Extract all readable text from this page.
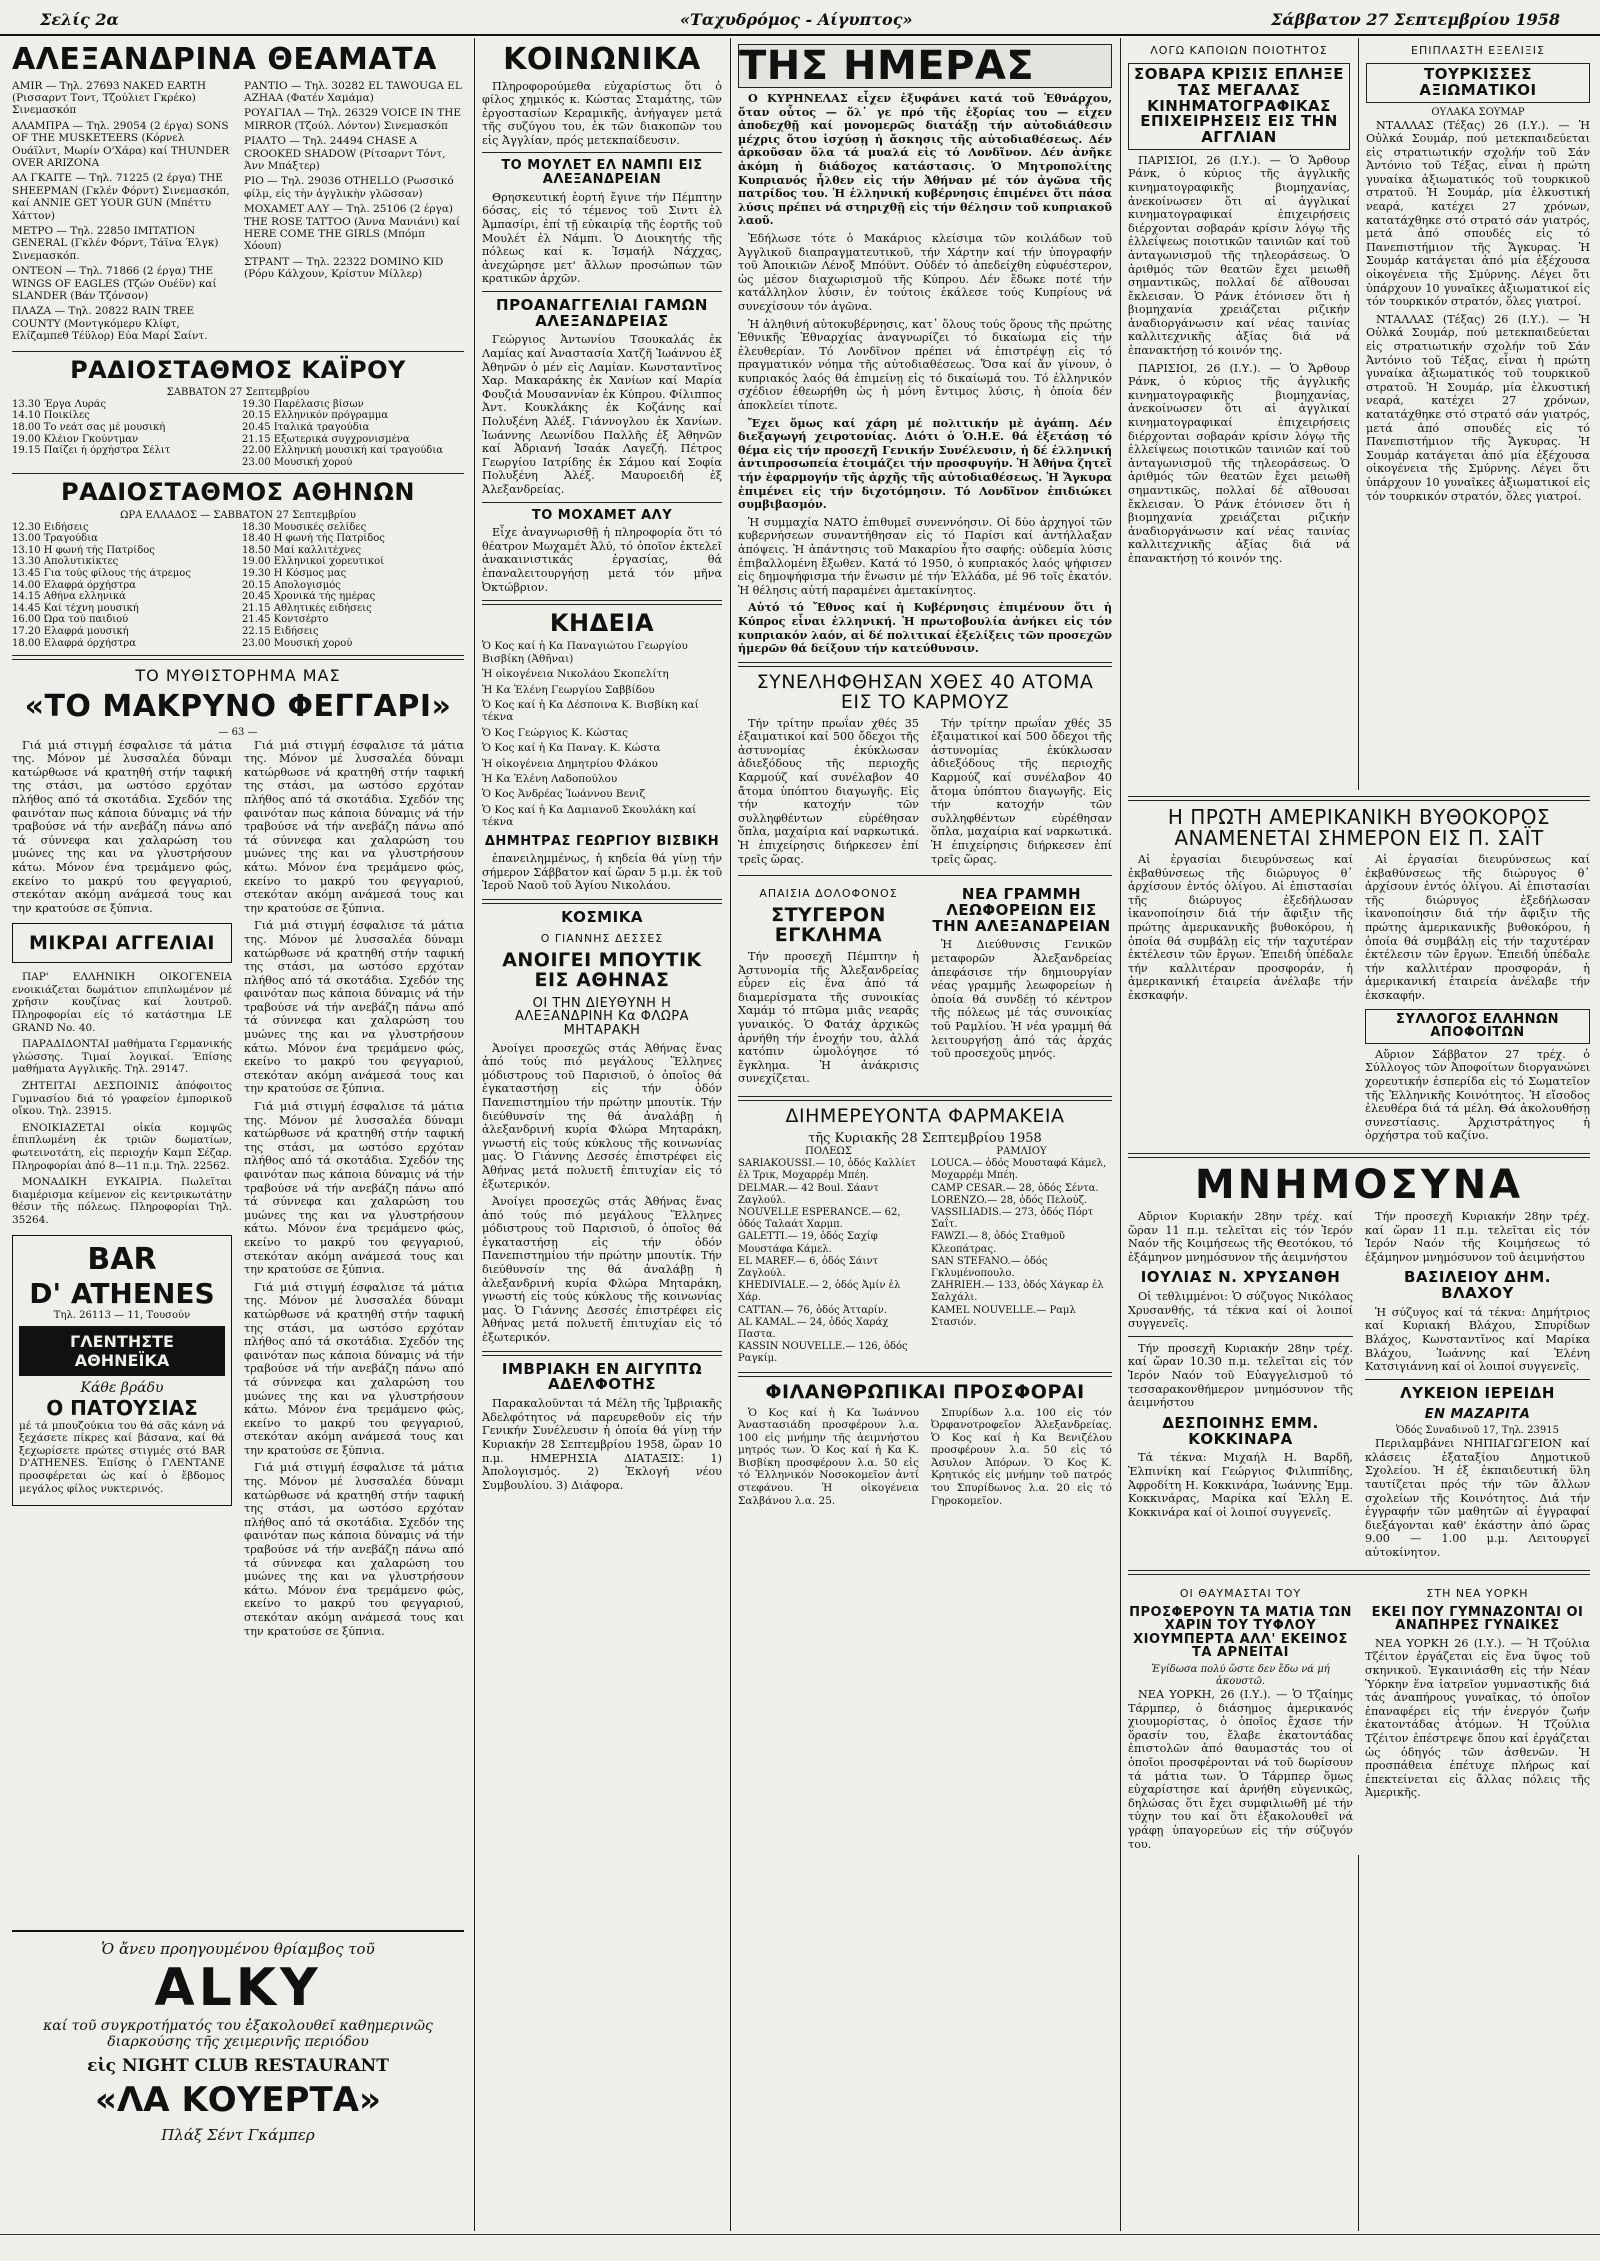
Σελίς 2α	«Ταχυδρόμος - Αίγυπτος»	Σάββατον 27 Σεπτεμβρίου 1958
ΑΛΕΞΑΝΔΡΙΝΑ ΘΕΑΜΑΤΑ
AMIR — Τηλ. 27693 NAKED EARTH (Ρισσαρντ Τοντ, Τζούλιετ Γκρέκο) Σινεμασκόπ
ΑΛΑΜΠΡΑ — Τηλ. 29054 (2 έργα) SONS OF THE MUSKETEERS (Κόρνελ Ουάϊλντ, Μωρίν Ο'Χάρα) καί THUNDER OVER ARIZONA
ΑΛ ΓΚΑΙΤΕ — Τηλ. 71225 (2 έργα) THE SHEEPMAN (Γκλέν Φόρντ) Σινεμασκόπ, καί ANNIE GET YOUR GUN (Μπέττυ Χάττον)
ΜΕΤΡΟ — Τηλ. 22850 IMITATION GENERAL (Γκλέν Φόρντ, Τάϊνα Έλγκ) Σινεμασκόπ.
ΟΝΤΕΟΝ — Τηλ. 71866 (2 έργα) THE WINGS OF EAGLES (Τζών Ουέϋν) καί SLANDER (Βάν Τζόνσον)
ΠΛΑΖΑ — Τηλ. 20822 RAIN TREE COUNTY (Μοντγκόμερυ Κλίφτ, Ελίζαμπεθ Τέϋλορ) Εύα Μαρί Σαίντ.
ΡΑΝΤΙΟ — Τηλ. 30282 EL TAWOUGA EL AZHAA (Φατέν Χαμάμα)
ΡΟΥΑΓΙΑΛ — Τηλ. 26329 VOICE IN THE MIRROR (Τζούλ. Λόντον) Σινεμασκόπ
ΡΙΑΛΤΟ — Τηλ. 24494 CHASE A CROOKED SHADOW (Ρίτσαρντ Τόντ, Άνν Μπάξτερ)
ΡΙΟ — Τηλ. 29036 OTHELLO (Ρωσσικό φίλμ, εἰς τὴν ἀγγλικὴν γλῶσσαν)
ΜΟΧΑΜΕΤ ΑΛΥ — Τηλ. 25106 (2 έργα) THE ROSE TATTOO (Άννα Μανιάνι) καί HERE COME THE GIRLS (Μπόμπ Χόουπ)
ΣΤΡΑΝΤ — Τηλ. 22322 DOMINO KID (Ρόρυ Κάλχουν, Κρίστυν Μίλλερ)
ΡΑΔΙΟΣΤΑΘΜΟΣ ΚΑΪΡΟΥ
ΣΑΒΒΑΤΟΝ 27 Σεπτεμβρίου
13.30 Έργα Λυράς	19.30 Παρέλασις βίσων
14.10 Ποικίλες	20.15 Ελληνικόν πρόγραμμα
18.00 Το νεάτ σας μέ μουσική	20.45 Ιταλικά τραγούδια
19.00 Κλέιον Γκούντμαν	21.15 Εξωτερικά συγχρονισμένα
19.15 Παίζει ή όρχήστρα Σέλιτ	22.00 Ελληνική μουσική καί τραγούδια
23.00 Μουσική χορού
ΡΑΔΙΟΣΤΑΘΜΟΣ ΑΘΗΝΩΝ
ΩΡΑ ΕΛΛΑΔΟΣ — ΣΑΒΒΑΤΟΝ 27 Σεπτεμβρίου
12.30 Ειδήσεις	18.30 Μουσικές σελίδες
13.00 Τραγούδια	18.40 Η φωνή τής Πατρίδος
13.10 Η φωνή τής Πατρίδος	18.50 Μαί καλλιτέχνες
13.30 Απολυτικίκτες	19.00 Ελληνικοί χορευτικοί
13.45 Για τούς φίλους τής άτρεμος	19.30 Η Κόσμος μας
14.00 Ελαφρά όρχήστρα	20.15 Απολογισμός
14.15 Αθήνα ελληνικά	20.45 Χρονικά τής ημέρας
14.45 Καί τέχνη μουσική	21.15 Αθλητικές ειδήσεις
16.00 Ώρα τού παιδιού	21.45 Κοντσέρτο
17.20 Ελαφρά μουσική	22.15 Ειδήσεις
18.00 Ελαφρά όρχήστρα	23.00 Μουσική χορού
ΤΟ ΜΥΘΙΣΤΟΡΗΜΑ ΜΑΣ
«ΤΟ ΜΑΚΡΥΝΟ ΦΕΓΓΑΡΙ»
— 63 —
Γιά μιά στιγμή έσφαλισε τά μάτια της. Μόνον μέ λυσσαλέα δύναμι κατώρθωσε νά κρατηθή στήν ταφική της στάσι, μα ωστόσο ερχόταν πλήθος από τά σκοτάδια. Σχεδόν της φαινόταν πως κάποια δύναμις νά τήν τραβούσε νά τήν ανεβάζη πάνω από τά σύννεφα και χαλαρώση του μυώνες της και να γλυστρήσουν κάτω. Μόνον ένα τρεμάμενο φώς, εκείνο το μακρύ του φεγγαριού, στεκόταν ακόμη ανάμεσά τους και την κρατούσε σε ξύπνια.
ΜΙΚΡΑΙ ΑΓΓΕΛΙΑΙ
ΠΑΡ' ΕΛΛΗΝΙΚΗ ΟΙΚΟΓΕΝΕΙΑ ενοικιάζεται δωμάτιον επιπλωμένον μέ χρῆσιν κουζίνας καί λουτροῦ. Πληροφορίαι είς τό κατάστημα LE GRAND No. 40.
ΠΑΡΑΔΙΔΟΝΤΑΙ μαθήματα Γερμανικής γλώσσης. Τιμαί λογικαί. Έπίσης μαθήματα Αγγλικῆς. Τηλ. 29147.
ΖΗΤΕΙΤΑΙ ΔΕΣΠΟΙΝΙΣ ἀπόφοιτος Γυμνασίου διά τό γραφείον ἐμπορικοῦ οἴκου. Τηλ. 23915.
ΕΝΟΙΚΙΑΖΕΤΑΙ οἰκία κομψῶς ἐπιπλωμένη ἐκ τριῶν δωματίων, φωτεινοτάτη, εἰς περιοχήν Καμπ Σέζαρ. Πληροφορίαι ἀπό 8—11 π.μ. Τηλ. 22562.
ΜΟΝΑΔΙΚΗ ΕΥΚΑΙΡΙΑ. Πωλεῖται διαμέρισμα κείμενον εἰς κεντρικωτάτην θέσιν τῆς πόλεως. Πληροφορίαι Τηλ. 35264.
BAR
D' ATHENES
Τηλ. 26113 — 11, Τουσούν
ΓΛΕΝΤΗΣΤΕ ΑΘΗΝΕΪΚΑ
Κάθε βράδυ
Ο ΠΑΤΟΥΣΙΑΣ
μέ τά μπουζούκια του θά σᾶς κάνη νά ξεχάσετε πίκρες καί βάσανα, καί θά ξεχωρίσετε πρώτες στιγμές στό BAR D'ATHENES. Ἐπίσης ὁ ΓΛΕΝΤΑΝΕ προσφέρεται ὡς καί ὁ ἔβδομος μεγάλος φίλος νυκτερινός.
Γιά μιά στιγμή έσφαλισε τά μάτια της. Μόνον μέ λυσσαλέα δύναμι κατώρθωσε νά κρατηθή στήν ταφική της στάσι, μα ωστόσο ερχόταν πλήθος από τά σκοτάδια. Σχεδόν της φαινόταν πως κάποια δύναμις νά τήν τραβούσε νά τήν ανεβάζη πάνω από τά σύννεφα και χαλαρώση του μυώνες της και να γλυστρήσουν κάτω. Μόνον ένα τρεμάμενο φώς, εκείνο το μακρύ του φεγγαριού, στεκόταν ακόμη ανάμεσά τους και την κρατούσε σε ξύπνια.
Γιά μιά στιγμή έσφαλισε τά μάτια της. Μόνον μέ λυσσαλέα δύναμι κατώρθωσε νά κρατηθή στήν ταφική της στάσι, μα ωστόσο ερχόταν πλήθος από τά σκοτάδια. Σχεδόν της φαινόταν πως κάποια δύναμις νά τήν τραβούσε νά τήν ανεβάζη πάνω από τά σύννεφα και χαλαρώση του μυώνες της και να γλυστρήσουν κάτω. Μόνον ένα τρεμάμενο φώς, εκείνο το μακρύ του φεγγαριού, στεκόταν ακόμη ανάμεσά τους και την κρατούσε σε ξύπνια.
Γιά μιά στιγμή έσφαλισε τά μάτια της. Μόνον μέ λυσσαλέα δύναμι κατώρθωσε νά κρατηθή στήν ταφική της στάσι, μα ωστόσο ερχόταν πλήθος από τά σκοτάδια. Σχεδόν της φαινόταν πως κάποια δύναμις νά τήν τραβούσε νά τήν ανεβάζη πάνω από τά σύννεφα και χαλαρώση του μυώνες της και να γλυστρήσουν κάτω. Μόνον ένα τρεμάμενο φώς, εκείνο το μακρύ του φεγγαριού, στεκόταν ακόμη ανάμεσά τους και την κρατούσε σε ξύπνια.
Γιά μιά στιγμή έσφαλισε τά μάτια της. Μόνον μέ λυσσαλέα δύναμι κατώρθωσε νά κρατηθή στήν ταφική της στάσι, μα ωστόσο ερχόταν πλήθος από τά σκοτάδια. Σχεδόν της φαινόταν πως κάποια δύναμις νά τήν τραβούσε νά τήν ανεβάζη πάνω από τά σύννεφα και χαλαρώση του μυώνες της και να γλυστρήσουν κάτω. Μόνον ένα τρεμάμενο φώς, εκείνο το μακρύ του φεγγαριού, στεκόταν ακόμη ανάμεσά τους και την κρατούσε σε ξύπνια.
Γιά μιά στιγμή έσφαλισε τά μάτια της. Μόνον μέ λυσσαλέα δύναμι κατώρθωσε νά κρατηθή στήν ταφική της στάσι, μα ωστόσο ερχόταν πλήθος από τά σκοτάδια. Σχεδόν της φαινόταν πως κάποια δύναμις νά τήν τραβούσε νά τήν ανεβάζη πάνω από τά σύννεφα και χαλαρώση του μυώνες της και να γλυστρήσουν κάτω. Μόνον ένα τρεμάμενο φώς, εκείνο το μακρύ του φεγγαριού, στεκόταν ακόμη ανάμεσά τους και την κρατούσε σε ξύπνια.
Ὁ ἄνευ προηγουμένου θρίαμβος τοῦ
ALKY
καί τοῦ συγκροτήματός του ἐξακολουθεῖ καθημερινῶς διαρκούσης τῆς χειμερινῆς περιόδου
εἰς NIGHT CLUB RESTAURANT
«ΛΑ ΚΟΥΕΡΤΑ»
Πλάξ Σέντ Γκάμπερ
ΚΟΙΝΩΝΙΚΑ
Πληροφορούμεθα εὐχαρίστως ὅτι ὁ φίλος χημικός κ. Κώστας Σταμάτης, τῶν ἐργοστασίων Κεραμικῆς, ἀνήγαγεν μετά τῆς συζύγου του, ἐκ τῶν διακοπῶν του εἰς Ἀγγλίαν, πρός μετεκπαίδευσιν.
ΤΟ ΜΟΥΛΕΤ ΕΛ ΝΑΜΠΙ ΕΙΣ ΑΛΕΞΑΝΔΡΕΙΑΝ
Θρησκευτική ἑορτή ἔγινε τήν Πέμπτην 6όσας, εἰς τό τέμενος τοῦ Σιντι ἐλ Ἀμπασίρι, ἐπί τῇ εὐκαιρίᾳ τῆς ἑορτῆς τοῦ Μουλέτ ἐλ Νάμπι. Ὁ Διοικητής τῆς πόλεως καί κ. Ἰσμαήλ Νάχχας, ἀνεχώρησε μετ' ἄλλων προσώπων τῶν κρατικῶν ἀρχῶν.
ΠΡΟΑΝΑΓΓΕΛΙΑΙ ΓΑΜΩΝ ΑΛΕΞΑΝΔΡΕΙΑΣ
Γεώργιος Ἀντωνίου Τσουκαλάς ἐκ Λαμίας καί Ἀναστασία Χατζῆ Ἰωάννου ἐξ Ἀθηνῶν ὁ μέν εἰς Λαμίαν. Κωνσταντῖνος Χαρ. Μακαράκης ἐκ Χανίων καί Μαρία Φουζιά Μουσαννίαν ἐκ Κύπρου. Φίλιππος Ἀντ. Κουκλάκης ἐκ Κοζάνης καί Πολυξένη Ἀλέξ. Γιάννογλου ἐκ Χανίων. Ἰωάννης Λεωνίδου Παλλῆς ἐξ Ἀθηνῶν καί Ἀδριανή Ἰσαάκ Λαγεζή. Πέτρος Γεωργίου Ιατρίδης ἐκ Σάμου καί Σοφία Πολυξένη Ἀλέξ. Μαυροειδή ἐξ Ἀλεξανδρείας.
ΤΟ ΜΟΧΑΜΕΤ ΑΛΥ
Εἶχε ἀναγνωρισθῇ ἡ πληροφορία ὅτι τό θέατρον Μωχαμέτ Ἀλύ, τό ὁποῖον ἐκτελεῖ ἀνακαινιστικάς ἐργασίας, θά ἐπαναλειτουργήσῃ μετά τόν μῆνα Ὀκτώβριον.
ΚΗΔΕΙΑ
Ὁ Κος καί ἡ Κα Παναγιώτου Γεωργίου Βισβίκη (Ἀθῆναι)
Ἡ οἰκογένεια Νικολάου Σκοπελίτη
Ἡ Κα Ἑλένη Γεωργίου Σαββίδου
Ὁ Κος καί ἡ Κα Δέσποινα Κ. Βισβίκη καί τέκνα
Ὁ Κος Γεώργιος Κ. Κώστας
Ὁ Κος καί ἡ Κα Παναγ. Κ. Κώστα
Ἡ οἰκογένεια Δημητρίου Φλάκου
Ἡ Κα Ἑλένη Λαδοπούλου
Ὁ Κος Ἀνδρέας Ἰωάννου Βενιζ
Ὁ Κος καί ἡ Κα Δαμιανοῦ Σκουλάκη καί τέκνα
ΔΗΜΗΤΡΑΣ ΓΕΩΡΓΙΟΥ ΒΙΣΒΙΚΗ
ἐπανειλημμένως, ἡ κηδεία θά γίνῃ τήν σήμερον Σάββατον καί ὥραν 5 μ.μ. ἐκ τοῦ Ἱεροῦ Ναοῦ τοῦ Ἁγίου Νικολάου.
ΚΟΣΜΙΚΑ
Ο ΓΙΑΝΝΗΣ ΔΕΣΣΕΣ
ΑΝΟΙΓΕΙ ΜΠΟΥΤΙΚ ΕΙΣ ΑΘΗΝΑΣ
ΟΙ ΤΗΝ ΔΙΕΥΘΥΝΗ Η ΑΛΕΞΑΝΔΡΙΝΗ Κα ΦΛΩΡΑ ΜΗΤΑΡΑΚΗ
Ἀνοίγει προσεχῶς στάς Ἀθήνας ἕνας ἀπό τούς πιό μεγάλους Ἕλληνες μόδιστρους τοῦ Παρισιοῦ, ὁ ὁποῖος θά ἐγκαταστήσῃ εἰς τήν ὁδόν Πανεπιστημίου τήν πρώτην μπουτίκ. Τήν διεύθυνσίν της θά ἀναλάβῃ ἡ ἀλεξανδρινή κυρία Φλώρα Μηταράκη, γνωστή εἰς τούς κύκλους τῆς κοινωνίας μας. Ὁ Γιάννης Δεσσές ἐπιστρέφει εἰς Ἀθήνας μετά πολυετῆ ἐπιτυχίαν εἰς τό ἐξωτερικόν.
Ἀνοίγει προσεχῶς στάς Ἀθήνας ἕνας ἀπό τούς πιό μεγάλους Ἕλληνες μόδιστρους τοῦ Παρισιοῦ, ὁ ὁποῖος θά ἐγκαταστήσῃ εἰς τήν ὁδόν Πανεπιστημίου τήν πρώτην μπουτίκ. Τήν διεύθυνσίν της θά ἀναλάβῃ ἡ ἀλεξανδρινή κυρία Φλώρα Μηταράκη, γνωστή εἰς τούς κύκλους τῆς κοινωνίας μας. Ὁ Γιάννης Δεσσές ἐπιστρέφει εἰς Ἀθήνας μετά πολυετῆ ἐπιτυχίαν εἰς τό ἐξωτερικόν.
ΙΜΒΡΙΑΚΗ ΕΝ ΑΙΓΥΠΤΩ ΑΔΕΛΦΟΤΗΣ
Παρακαλοῦνται τά Μέλη τῆς Ἰμβριακῆς Ἀδελφότητος νά παρευρεθοῦν εἰς τήν Γενικήν Συνέλευσιν ἡ ὁποία θά γίνῃ τήν Κυριακήν 28 Σεπτεμβρίου 1958, ὥραν 10 π.μ. ΗΜΕΡΗΣΙΑ ΔΙΑΤΑΞΙΣ: 1) Ἀπολογισμός. 2) Ἐκλογή νέου Συμβουλίου. 3) Διάφορα.
ΤΗΣ ΗΜΕΡΑΣ
Ο ΚΥΡΗΝΕΛΑΣ εἶχεν ἐξυφάνει κατά τοῦ Ἐθνάρχου, ὅταν οὗτος — ὅλ᾿ γε πρό τῆς ἐξορίας του — εἶχεν ἀποδεχθῇ καί μονομερῶς διατάξῃ τήν αὐτοδιάθεσιν μέχρις ὅτου ἰσχύσῃ ἡ ἄσκησις τῆς αὐτοδιαθέσεως. Δέν ἀρκοῦσαν ὅλα τά μυαλά εἰς τό Λονδῖνον. Δέν ἀνῆκε ἀκόμη ἡ διάδοχος κατάστασις. Ὁ Μητροπολίτης Κυπριανός ἦλθεν εἰς τήν Ἀθήναν μέ τόν ἀγῶνα τῆς πατρίδος του. Ἡ ἑλληνική κυβέρνησις ἐπιμένει ὅτι πάσα λύσις πρέπει νά στηριχθῇ εἰς τήν θέλησιν τοῦ κυπριακοῦ λαοῦ.
Ἐδήλωσε τότε ὁ Μακάριος κλείσιμα τῶν κοιλάδων τοῦ Ἀγγλικοῦ διαπραγματευτικοῦ, τήν Χάρτην καί τήν ὑπογραφήν τοῦ Ἀποικιῶν Λένοξ Μπόϋντ. Οὐδέν τό ἀπεδείχθη εὐφυέστερον, ὡς μέσον διαχωρισμοῦ τῆς Κύπρου. Δέν ἔδωκε ποτέ τήν κατάλληλον λύσιν, ἐν τούτοις ἐκάλεσε τούς Κυπρίους νά συνεχίσουν τόν ἀγῶνα.
Ἡ ἀληθινή αὐτοκυβέρνησις, κατ᾿ ὅλους τούς ὅρους τῆς πρώτης Ἐθνικῆς Ἐθναρχίας ἀναγνωρίζει τό δικαίωμα εἰς τήν ἐλευθερίαν. Τό Λονδῖνον πρέπει νά ἐπιστρέψῃ εἰς τό πραγματικόν νόημα τῆς αὐτοδιαθέσεως. Ὅσα καί ἄν γίνουν, ὁ κυπριακός λαός θά ἐπιμείνῃ εἰς τό δικαίωμά του. Τό ἑλληνικόν σχέδιον ἐθεωρήθη ὡς ἡ μόνη ἔντιμος λύσις, ἡ ὁποία δέν ἀποκλείει τίποτε.
Ἔχει ὅμως καί χάρη μέ πολιτικήν μὲ ἀγάπη. Δέν διεξαγωγή χειροτονίας. Διότι ὁ Ὁ.Η.Ε. θά ἐξετάσῃ τό θέμα εἰς τήν προσεχῆ Γενικήν Συνέλευσιν, ἡ δέ ἑλληνική ἀντιπροσωπεία ἐτοιμάζει τήν προσφυγήν. Ἡ Ἀθήνα ζητεῖ τήν ἐφαρμογήν τῆς ἀρχῆς τῆς αὐτοδιαθέσεως. Ἡ Ἄγκυρα ἐπιμένει εἰς τήν διχοτόμησιν. Τό Λονδῖνον ἐπιδιώκει συμβιβασμόν.
Ἡ συμμαχία ΝΑΤΟ ἐπιθυμεῖ συνεννόησιν. Οἱ δύο ἀρχηγοί τῶν κυβερνήσεων συναντήθησαν εἰς τό Παρίσι καί ἀντήλλαξαν ἀπόψεις. Ἡ ἀπάντησις τοῦ Μακαρίου ἦτο σαφής: οὐδεμία λύσις ἐπιβαλλομένη ἔξωθεν. Κατά τό 1950, ὁ κυπριακός λαός ψήφισεν εἰς δημοψήφισμα τήν ἕνωσιν μέ τήν Ἑλλάδα, μέ 96 τοῖς ἑκατόν. Ἡ θέλησις αὐτή παραμένει ἀμετακίνητος.
Αὐτό τό Ἔθνος καί ἡ Κυβέρνησις ἐπιμένουν ὅτι ἡ Κύπρος εἶναι ἑλληνική. Ἡ πρωτοβουλία ἀνήκει εἰς τόν κυπριακόν λαόν, αἱ δέ πολιτικαί ἐξελίξεις τῶν προσεχῶν ἡμερῶν θά δείξουν τήν κατεύθυνσιν.
ΣΥΝΕΛΗΦΘΗΣΑΝ ΧΘΕΣ 40 ΑΤΟΜΑ ΕΙΣ ΤΟ ΚΑΡΜΟΥΖ
Τήν τρίτην πρωΐαν χθές 35 ἐξαιματικοί καί 500 ὄδεχοι τῆς ἀστυνομίας ἐκύκλωσαν ἀδιεξόδους τῆς περιοχῆς Καρμούζ καί συνέλαβον 40 ἄτομα ὑπόπτου διαγωγῆς. Εἰς τήν κατοχήν τῶν συλληφθέντων εὑρέθησαν ὅπλα, μαχαίρια καί ναρκωτικά. Ἡ ἐπιχείρησις διήρκεσεν ἐπί τρεῖς ὥρας.
Τήν τρίτην πρωΐαν χθές 35 ἐξαιματικοί καί 500 ὄδεχοι τῆς ἀστυνομίας ἐκύκλωσαν ἀδιεξόδους τῆς περιοχῆς Καρμούζ καί συνέλαβον 40 ἄτομα ὑπόπτου διαγωγῆς. Εἰς τήν κατοχήν τῶν συλληφθέντων εὑρέθησαν ὅπλα, μαχαίρια καί ναρκωτικά. Ἡ ἐπιχείρησις διήρκεσεν ἐπί τρεῖς ὥρας.
ΑΠΑΙΣΙΑ ΔΟΛΟΦΟΝΟΣ
ΣΤΥΓΕΡΟΝ ΕΓΚΛΗΜΑ
Τήν προσεχῆ Πέμπτην ἡ Ἀστυνομία τῆς Ἀλεξανδρείας εὗρεν εἰς ἕνα ἀπό τά διαμερίσματα τῆς συνοικίας Χαμάμ τό πτῶμα μιᾶς νεαρᾶς γυναικός. Ὁ Φατάχ ἀρχικῶς ἀρνήθη τήν ἐνοχήν του, ἀλλά κατόπιν ὡμολόγησε τό ἔγκλημα. Ἡ ἀνάκρισις συνεχίζεται.
ΝΕΑ ΓΡΑΜΜΗ ΛΕΩΦΟΡΕΙΩΝ ΕΙΣ ΤΗΝ ΑΛΕΞΑΝΔΡΕΙΑΝ
Ἡ Διεύθυνσις Γενικῶν μεταφορῶν Ἀλεξανδρείας ἀπεφάσισε τήν δημιουργίαν νέας γραμμῆς λεωφορείων ἡ ὁποία θά συνδέῃ τό κέντρον τῆς πόλεως μέ τάς συνοικίας τοῦ Ραμλίου. Ἡ νέα γραμμή θά λειτουργήσῃ ἀπό τάς ἀρχάς τοῦ προσεχοῦς μηνός.
ΔΙΗΜΕΡΕΥΟΝΤΑ ΦΑΡΜΑΚΕΙΑ
τῆς Κυριακῆς 28 Σεπτεμβρίου 1958
ΠΟΛΕΩΣ
SARIAKOUSSI.— 10, ὁδός Καλλίετ ἐλ Τρικ, Μοχαρρέμ Μπέη.
DELMAR.— 42 Boul. Σάαντ Ζαγλούλ.
NOUVELLE ESPERANCE.— 62, ὁδός Ταλαάτ Χαρμπ.
GALETTI.— 19, ὁδός Σαχίφ Μουστάφα Κάμελ.
EL MAREF.— 6, ὁδός Σάιντ Ζαγλούλ.
KHEDIVIALE.— 2, ὁδός Ἀμίν ἐλ Χάρ.
CATTAN.— 76, ὁδός Ἀτταρίν.
AL KAMAL.— 24, ὁδός Χαράχ Παστα.
KASSIN NOUVELLE.— 126, ὁδός Ραγκίμ.
ΡΑΜΛΙΟΥ
LOUCA.— ὁδός Μουσταφά Κάμελ, Μοχαρρέμ Μπέη.
CAMP CESAR.— 28, ὁδός Σέντα.
LORENZO.— 28, ὁδός Πελούζ.
VASSILIADIS.— 273, ὁδός Πόρτ Σαΐτ.
FAWZI.— 8, ὁδός Σταθμοῦ Κλεοπάτρας.
SAN STEFANO.— ὁδός Γκλυμένοπουλο.
ZAHRIEH.— 133, ὁδός Χάγκαρ ἐλ Σαλχάλι.
KAMEL NOUVELLE.— Ραμλ Στασιόν.
ΦΙΛΑΝΘΡΩΠΙΚΑΙ ΠΡΟΣΦΟΡΑΙ
Ὁ Κος καί ἡ Κα Ἰωάννου Ἀναστασιάδη προσφέρουν λ.α. 100 εἰς μνήμην τῆς ἀειμνήστου μητρός των. Ὁ Κος καί ἡ Κα Κ. Βισβίκη προσφέρουν λ.α. 50 εἰς τό Ἑλληνικόν Νοσοκομεῖον ἀντί στεφάνου. Ἡ οἰκογένεια Σαλβάνου λ.α. 25.
Σπυρίδων λ.α. 100 εἰς τόν Ὀρφανοτροφεῖον Ἀλεξανδρείας. Ὁ Κος καί ἡ Κα Βενιζέλου προσφέρουν λ.α. 50 εἰς τό Ἀσυλον Ἀπόρων. Ὁ Κος Κ. Κρητικός εἰς μνήμην τοῦ πατρός του Σπυρίδωνος λ.α. 20 εἰς τό Γηροκομεῖον.
ΛΟΓΩ ΚΑΠΟΙΩΝ ΠΟΙΟΤΗΤΟΣ
ΣΟΒΑΡΑ ΚΡΙΣΙΣ ΕΠΛΗΞΕ ΤΑΣ ΜΕΓΑΛΑΣ ΚΙΝΗΜΑΤΟΓΡΑΦΙΚΑΣ ΕΠΙΧΕΙΡΗΣΕΙΣ ΕΙΣ ΤΗΝ ΑΓΓΛΙΑΝ
ΠΑΡΙΣΙΟΙ, 26 (Ι.Υ.). — Ὁ Ἄρθουρ Ράνκ, ὁ κύριος τῆς ἀγγλικῆς κινηματογραφικῆς βιομηχανίας, ἀνεκοίνωσεν ὅτι αἱ ἀγγλικαί κινηματογραφικαί ἐπιχειρήσεις διέρχονται σοβαράν κρίσιν λόγῳ τῆς ἐλλείψεως ποιοτικῶν ταινιῶν καί τοῦ ἀνταγωνισμοῦ τῆς τηλεοράσεως. Ὁ ἀριθμός τῶν θεατῶν ἔχει μειωθῆ σημαντικῶς, πολλαί δέ αἴθουσαι ἔκλεισαν. Ὁ Ράνκ ἐτόνισεν ὅτι ἡ βιομηχανία χρειάζεται ριζικήν ἀναδιοργάνωσιν καί νέας ταινίας καλλιτεχνικῆς ἀξίας διά νά ἐπανακτήσῃ τό κοινόν της.
ΠΑΡΙΣΙΟΙ, 26 (Ι.Υ.). — Ὁ Ἄρθουρ Ράνκ, ὁ κύριος τῆς ἀγγλικῆς κινηματογραφικῆς βιομηχανίας, ἀνεκοίνωσεν ὅτι αἱ ἀγγλικαί κινηματογραφικαί ἐπιχειρήσεις διέρχονται σοβαράν κρίσιν λόγῳ τῆς ἐλλείψεως ποιοτικῶν ταινιῶν καί τοῦ ἀνταγωνισμοῦ τῆς τηλεοράσεως. Ὁ ἀριθμός τῶν θεατῶν ἔχει μειωθῆ σημαντικῶς, πολλαί δέ αἴθουσαι ἔκλεισαν. Ὁ Ράνκ ἐτόνισεν ὅτι ἡ βιομηχανία χρειάζεται ριζικήν ἀναδιοργάνωσιν καί νέας ταινίας καλλιτεχνικῆς ἀξίας διά νά ἐπανακτήσῃ τό κοινόν της.
Η ΠΡΩΤΗ ΑΜΕΡΙΚΑΝΙΚΗ ΒΥΘΟΚΟΡΟΣ ΑΝΑΜΕΝΕΤΑΙ ΣΗΜΕΡΟΝ ΕΙΣ Π. ΣΑΪΤ
Αἱ ἐργασίαι διευρύνσεως καί ἐκβαθύνσεως τῆς διώρυγος θ᾿ ἀρχίσουν ἐντός ὀλίγου. Αἱ ἐπιστασίαι τῆς διώρυγος ἐξεδήλωσαν ἱκανοποίησιν διά τήν ἄφιξιν τῆς πρώτης ἀμερικανικῆς βυθοκόρου, ἡ ὁποία θά συμβάλῃ εἰς τήν ταχυτέραν ἐκτέλεσιν τῶν ἔργων. Ἐπειδή ὑπέδαλε τήν καλλιτέραν προσφοράν, ἡ ἀμερικανική ἑταιρεία ἀνέλαβε τήν ἐκσκαφήν.
Αἱ ἐργασίαι διευρύνσεως καί ἐκβαθύνσεως τῆς διώρυγος θ᾿ ἀρχίσουν ἐντός ὀλίγου. Αἱ ἐπιστασίαι τῆς διώρυγος ἐξεδήλωσαν ἱκανοποίησιν διά τήν ἄφιξιν τῆς πρώτης ἀμερικανικῆς βυθοκόρου, ἡ ὁποία θά συμβάλῃ εἰς τήν ταχυτέραν ἐκτέλεσιν τῶν ἔργων. Ἐπειδή ὑπέδαλε τήν καλλιτέραν προσφοράν, ἡ ἀμερικανική ἑταιρεία ἀνέλαβε τήν ἐκσκαφήν.
ΣΥΛΛΟΓΟΣ ΕΛΛΗΝΩΝ ΑΠΟΦΟΙΤΩΝ
Αὔριον Σάββατον 27 τρέχ. ὁ Σύλλογος τῶν Ἀποφοίτων διοργανώνει χορευτικήν ἑσπερίδα εἰς τό Σωματεῖον τῆς Ἑλληνικῆς Κοινότητος. Ἡ εἴσοδος ἐλευθέρα διά τά μέλη. Θά ἀκολουθήσῃ συνεστίασις. Ἀρχιστράτηγος ἡ ὀρχήστρα τοῦ καζίνο.
ΜΝΗΜΟΣΥΝΑ
Αὔριον Κυριακήν 28ην τρέχ. καί ὥραν 11 π.μ. τελεῖται εἰς τόν Ἱερόν Ναόν τῆς Κοιμήσεως τῆς Θεοτόκου, τό ἑξάμηνον μνημόσυνον τῆς ἀειμνήστου
ΙΟΥΛΙΑΣ Ν. ΧΡΥΣΑΝΘΗ
Οἱ τεθλιμμένοι: Ὁ σύζυγος Νικόλαος Χρυσανθής, τά τέκνα καί οἱ λοιποί συγγενεῖς.
Τήν προσεχῆ Κυριακήν 28ην τρέχ. καί ὥραν 10.30 π.μ. τελεῖται εἰς τόν Ἱερόν Ναόν τοῦ Εὐαγγελισμοῦ τό τεσσαρακονθήμερον μνημόσυνον τῆς ἀειμνήστου
ΔΕΣΠΟΙΝΗΣ ΕΜΜ. ΚΟΚΚΙΝΑΡΑ
Τά τέκνα: Μιχαήλ Η. Βαρδῆ, Ἐλπινίκη καί Γεώργιος Φιλιππίδης, Ἀφροδίτη Η. Κοκκινάρα, Ἰωάννης Ἐμμ. Κοκκινάρας, Μαρίκα καί Ἐλλη Ε. Κοκκινάρα καί οἱ λοιποί συγγενεῖς.
Τήν προσεχῆ Κυριακήν 28ην τρέχ. καί ὥραν 11 π.μ. τελεῖται εἰς τόν Ἱερόν Ναόν τῆς Κοιμήσεως τό ἑξάμηνον μνημόσυνον τοῦ ἀειμνήστου
ΒΑΣΙΛΕΙΟΥ ΔΗΜ. ΒΛΑΧΟΥ
Ἡ σύζυγος καί τά τέκνα: Δημήτριος καί Κυριακή Βλάχου, Σπυρίδων Βλάχος, Κωνσταντῖνος καί Μαρίκα Βλάχου, Ἰωάννης καί Ἑλένη Κατσιγιάννη καί οἱ λοιποί συγγενεῖς.
ΛΥΚΕΙΟΝ ΙΕΡΕΙΔΗ
ΕΝ ΜΑΖΑΡΙΤΑ
Ὁδός Συναδινοῦ 17, Τηλ. 23915
Περιλαμβάνει ΝΗΠΙΑΓΩΓΕΙΟΝ καί κλάσεις ἑξαταξίου Δημοτικοῦ Σχολείου. Ἡ ἐξ ἐκπαιδευτική ὕλη ταυτίζεται πρός τήν τῶν ἄλλων σχολείων τῆς Κοινότητος. Διά τήν ἐγγραφήν τῶν μαθητῶν αἱ ἐγγραφαί διεξάγονται καθ' ἑκάστην ἀπό ὥρας 9.00 — 1.00 μ.μ. Λειτουργεῖ αὐτοκίνητον.
ΟΙ ΘΑΥΜΑΣΤΑΙ ΤΟΥ
ΠΡΟΣΦΕΡΟΥΝ ΤΑ ΜΑΤΙΑ ΤΩΝ ΧΑΡΙΝ ΤΟΥ ΤΥΦΛΟΥ ΧΙΟΥΜΠΕΡΤΑ ΑΛΛ' ΕΚΕΙΝΟΣ ΤΑ ΑΡΝΕΙΤΑΙ
Ἐγίδωσα πολύ ὥστε δεν ἔδω νά μή ἀκουστῶ.
ΝΕΑ ΥΟΡΚΗ, 26 (Ι.Υ.). — Ὁ Τζαίημς Τάρμπερ, ὁ διάσημος ἀμερικανός χιουμορίστας, ὁ ὁποῖος ἔχασε τήν ὅρασίν του, ἔλαβε ἑκατοντάδας ἐπιστολῶν ἀπό θαυμαστάς του οἱ ὁποῖοι προσφέρονται νά τοῦ δωρίσουν τά μάτια των. Ὁ Τάρμπερ ὅμως εὐχαρίστησε καί ἀρνήθη εὐγενικῶς, δηλώσας ὅτι ἔχει συμφιλιωθῆ μέ τήν τύχην του καί ὅτι ἐξακολουθεῖ νά γράφῃ ὑπαγορεύων εἰς τήν σύζυγόν του.
ΣΤΗ ΝΕΑ ΥΟΡΚΗ
ΕΚΕΙ ΠΟΥ ΓΥΜΝΑΖΟΝΤΑΙ ΟΙ ΑΝΑΠΗΡΕΣ ΓΥΝΑΙΚΕΣ
ΝΕΑ ΥΟΡΚΗ 26 (Ι.Υ.). — Ἡ Τζούλια Τζέιτον ἐργάζεται εἰς ἕνα ὕψος τοῦ σκηνικοῦ. Ἐγκαινιάσθη εἰς τήν Νέαν Ὑόρκην ἕνα ἰατρεῖον γυμναστικῆς διά τάς ἀναπήρους γυναῖκας, τό ὁποῖον ἐπαναφέρει εἰς τήν ἐνεργόν ζωήν ἑκατοντάδας ἀτόμων. Ἡ Τζούλια Τζέιτον ἐπέστρεψε ὅπου καί ἐργάζεται ὡς ὁδηγός τῶν ἀσθενῶν. Ἡ προσπάθεια ἐπέτυχε πλήρως καί ἐπεκτείνεται εἰς ἄλλας πόλεις τῆς Ἀμερικῆς.
ΕΠΙΠΛΑΣΤΗ ΕΞΕΛΙΞΙΣ
ΤΟΥΡΚΙΣΣΕΣ ΑΞΙΩΜΑΤΙΚΟΙ
ΟΥΛΑΚΑ ΣΟΥΜΑΡ
ΝΤΑΛΛΑΣ (Τέξας) 26 (Ι.Υ.). — Ἡ Οὐλκά Σουμάρ, πού μετεκπαιδεύεται εἰς στρατιωτικήν σχολήν τοῦ Σάν Ἀντόνιο τοῦ Τέξας, εἶναι ἡ πρώτη γυναίκα ἀξιωματικός τοῦ τουρκικοῦ στρατοῦ. Ἡ Σουμάρ, μία ἐλκυστική νεαρά, κατέχει 27 χρόνων, κατατάχθηκε στό στρατό σάν γιατρός, μετά ἀπό σπουδές εἰς τό Πανεπιστήμιον τῆς Ἄγκυρας. Ἡ Σουμάρ κατάγεται ἀπό μία ἐξέχουσα οἰκογένεια τῆς Σμύρνης. Λέγει ὅτι ὑπάρχουν 10 γυναῖκες ἀξιωματικοί εἰς τόν τουρκικόν στρατόν, ὅλες γιατροί.
ΝΤΑΛΛΑΣ (Τέξας) 26 (Ι.Υ.). — Ἡ Οὐλκά Σουμάρ, πού μετεκπαιδεύεται εἰς στρατιωτικήν σχολήν τοῦ Σάν Ἀντόνιο τοῦ Τέξας, εἶναι ἡ πρώτη γυναίκα ἀξιωματικός τοῦ τουρκικοῦ στρατοῦ. Ἡ Σουμάρ, μία ἐλκυστική νεαρά, κατέχει 27 χρόνων, κατατάχθηκε στό στρατό σάν γιατρός, μετά ἀπό σπουδές εἰς τό Πανεπιστήμιον τῆς Ἄγκυρας. Ἡ Σουμάρ κατάγεται ἀπό μία ἐξέχουσα οἰκογένεια τῆς Σμύρνης. Λέγει ὅτι ὑπάρχουν 10 γυναῖκες ἀξιωματικοί εἰς τόν τουρκικόν στρατόν, ὅλες γιατροί.
